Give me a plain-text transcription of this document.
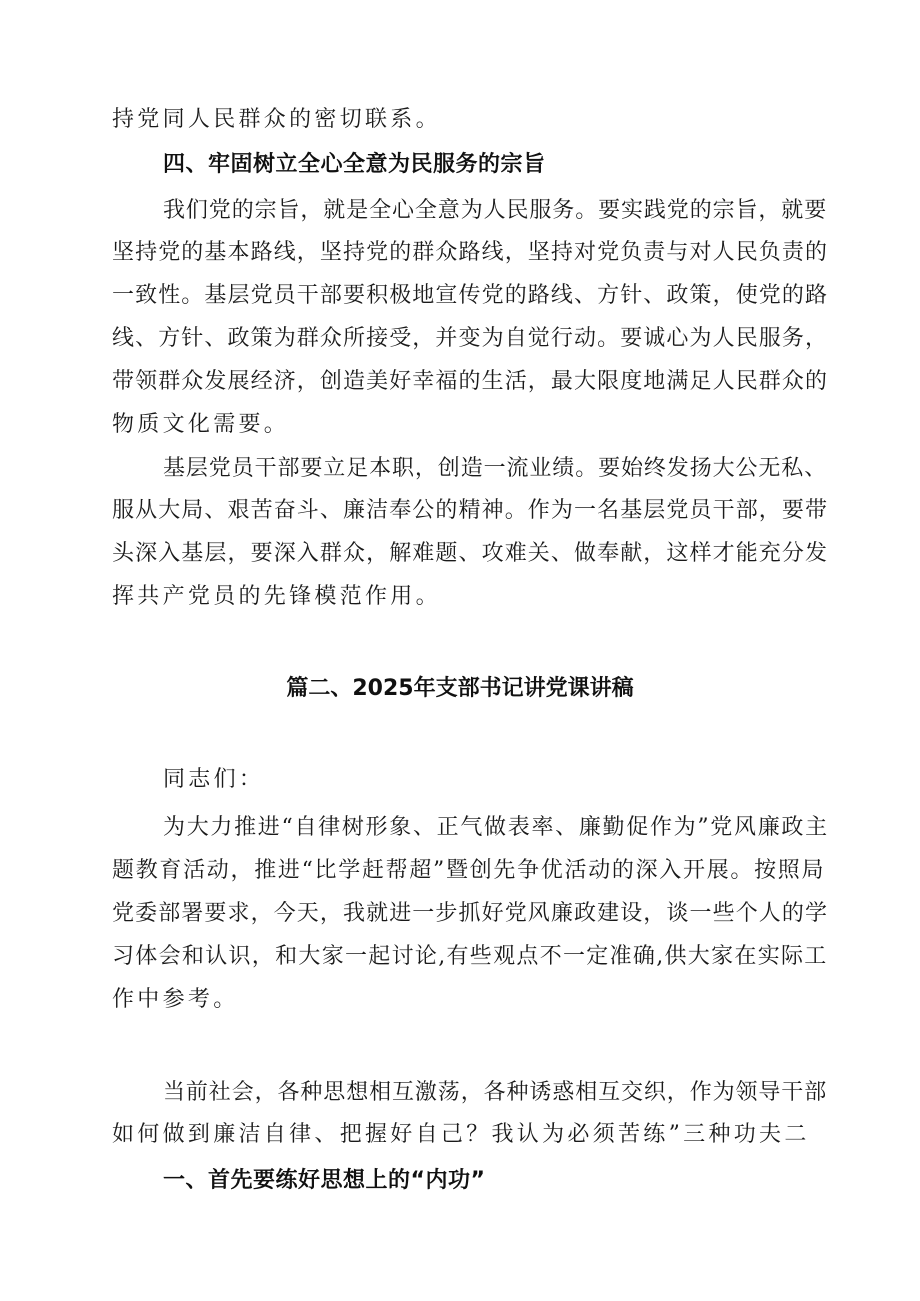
持党同人民群众的密切联系。
四、牢固树立全心全意为民服务的宗旨
我们党的宗旨，就是全心全意为人民服务。要实践党的宗旨，就要
坚持党的基本路线，坚持党的群众路线，坚持对党负责与对人民负责的
一致性。基层党员干部要积极地宣传党的路线、方针、政策，使党的路
线、方针、政策为群众所接受，并变为自觉行动。要诚心为人民服务，
带领群众发展经济，创造美好幸福的生活，最大限度地满足人民群众的
物质文化需要。
基层党员干部要立足本职，创造一流业绩。要始终发扬大公无私、
服从大局、艰苦奋斗、廉洁奉公的精神。作为一名基层党员干部，要带
头深入基层，要深入群众，解难题、攻难关、做奉献，这样才能充分发
挥共产党员的先锋模范作用。
篇二、2025年支部书记讲党课讲稿
同志们：
为大力推进“自律树形象、正气做表率、廉勤促作为”党风廉政主
题教育活动，推进“比学赶帮超”暨创先争优活动的深入开展。按照局
党委部署要求，今天，我就进一步抓好党风廉政建设，谈一些个人的学
习体会和认识，和大家一起讨论,有些观点不一定准确,供大家在实际工
作中参考。
当前社会，各种思想相互激荡，各种诱惑相互交织，作为领导干部
如何做到廉洁自律、把握好自己？我认为必须苦练”三种功夫二
一、首先要练好思想上的“内功”
